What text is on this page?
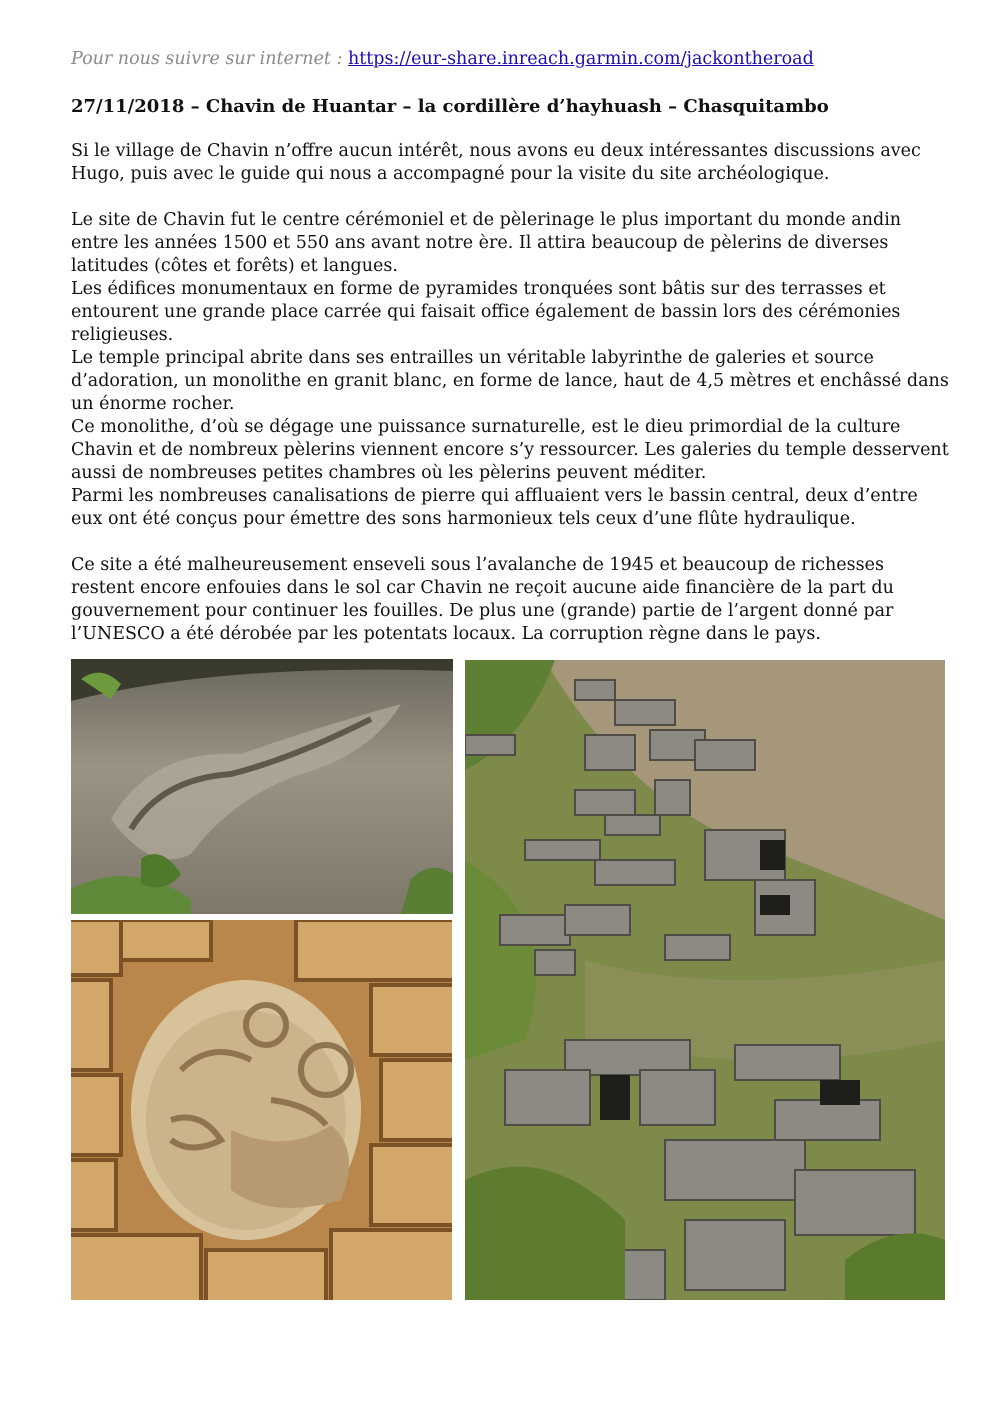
Pour nous suivre sur internet : https://eur-share.inreach.garmin.com/jackontheroad
27/11/2018 – Chavin de Huantar – la cordillère d’hayhuash – Chasquitambo

Si le village de Chavin n’offre aucun intérêt, nous avons eu deux intéressantes discussions avec Hugo, puis avec le guide qui nous a accompagné pour la visite du site archéologique.

Le site de Chavin fut le centre cérémoniel et de pèlerinage le plus important du monde andin entre les années 1500 et 550 ans avant notre ère. Il attira beaucoup de pèlerins de diverses latitudes (côtes et forêts) et langues.

Les édifices monumentaux en forme de pyramides tronquées sont bâtis sur des terrasses et entourent une grande place carrée qui faisait office également de bassin lors des cérémonies religieuses.

Le temple principal abrite dans ses entrailles un véritable labyrinthe de galeries et source d’adoration, un monolithe en granit blanc, en forme de lance, haut de 4,5 mètres et enchâssé dans un énorme rocher.

Ce monolithe, d’où se dégage une puissance surnaturelle, est le dieu primordial de la culture Chavin et de nombreux pèlerins viennent encore s’y ressourcer. Les galeries du temple desservent aussi de nombreuses petites chambres où les pèlerins peuvent méditer.

Parmi les nombreuses canalisations de pierre qui affluaient vers le bassin central, deux d’entre eux ont été conçus pour émettre des sons harmonieux tels ceux d’une flûte hydraulique.

Ce site a été malheureusement enseveli sous l’avalanche de 1945 et beaucoup de richesses restent encore enfouies dans le sol car Chavin ne reçoit aucune aide financière de la part du gouvernement pour continuer les fouilles. De plus une (grande) partie de l’argent donné par l’UNESCO a été dérobée par les potentats locaux. La corruption règne dans le pays.
